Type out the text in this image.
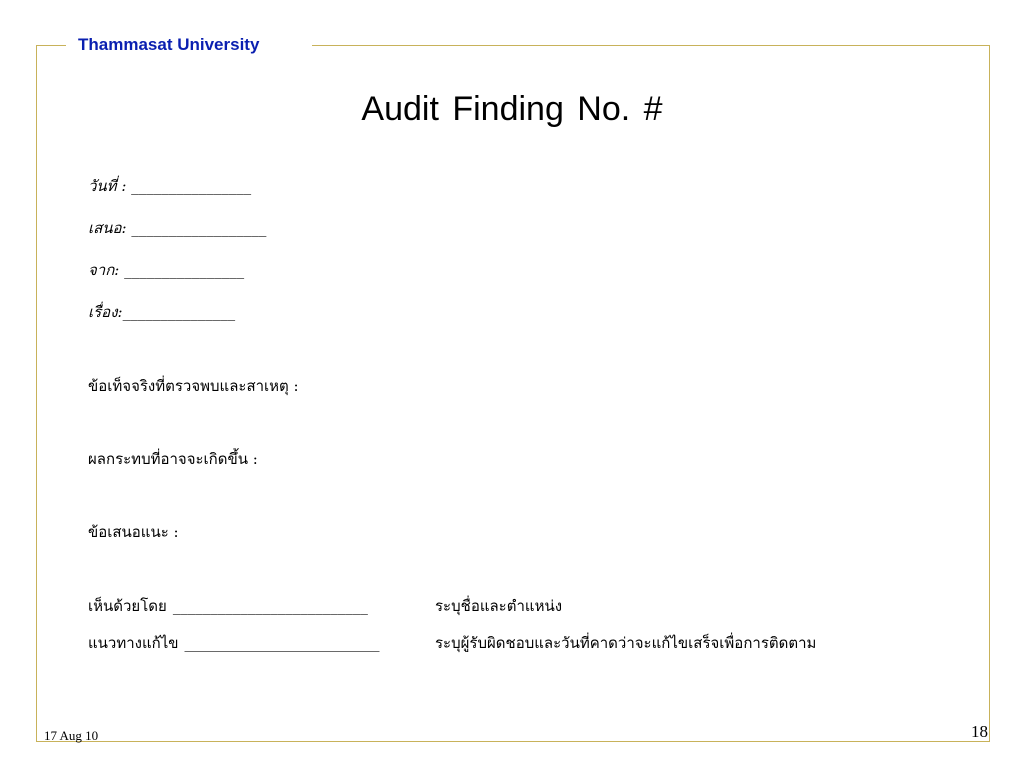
Thammasat University
Audit Finding No. #
วันที่ : ________________
เสนอ: __________________
จาก: ________________
เรื่อง:_______________
ข้อเท็จจริงที่ตรวจพบและสาเหตุ :
ผลกระทบที่อาจจะเกิดขึ้น :
ข้อเสนอแนะ :
เห็นด้วยโดย __________________________	ระบุชื่อและตำแหน่ง
แนวทางแก้ไข __________________________	ระบุผู้รับผิดชอบและวันที่คาดว่าจะแก้ไขเสร็จเพื่อการติดตาม
17 Aug 10	18
